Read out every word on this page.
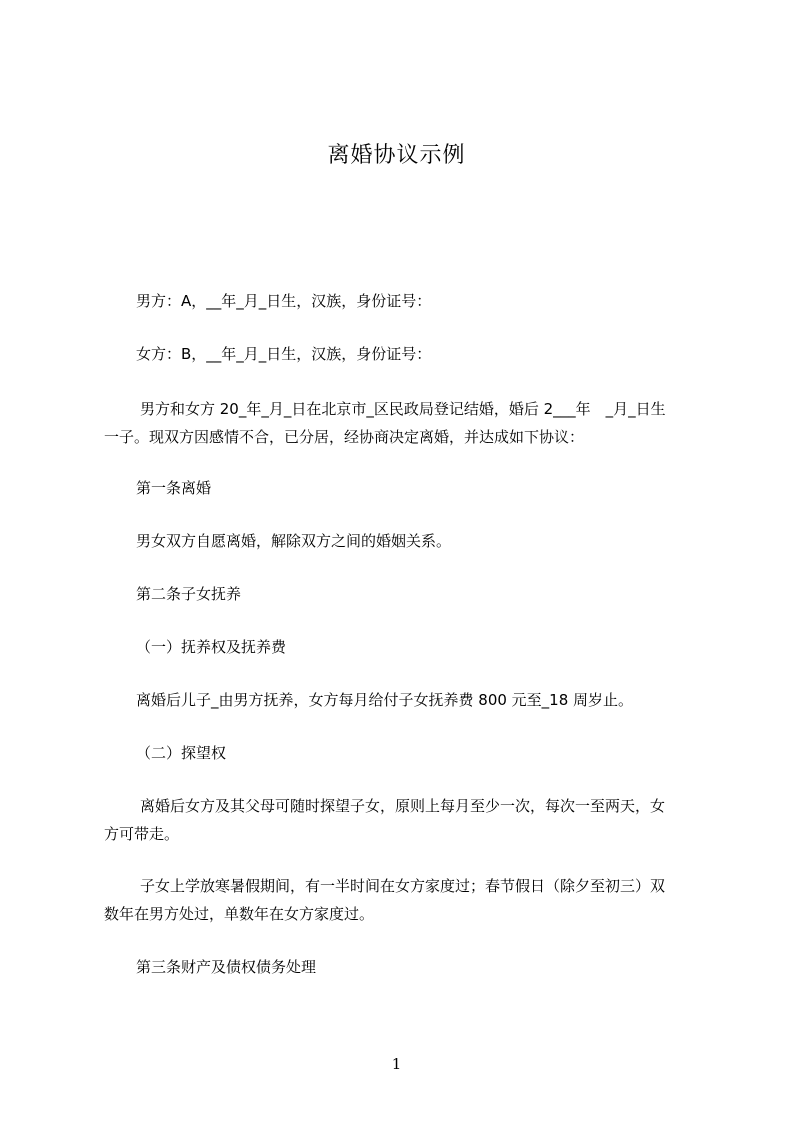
离婚协议示例

男方：A，__年_月_日生，汉族，身份证号：

女方：B，__年_月_日生，汉族，身份证号：

男方和女方 20_年_月_日在北京市_区民政局登记结婚，婚后 2___年　_月_日生
一子。现双方因感情不合，已分居，经协商决定离婚，并达成如下协议：

第一条离婚

男女双方自愿离婚，解除双方之间的婚姻关系。

第二条子女抚养

（一）抚养权及抚养费

离婚后儿子_由男方抚养，女方每月给付子女抚养费 800 元至_18 周岁止。

（二）探望权

离婚后女方及其父母可随时探望子女，原则上每月至少一次，每次一至两天，女
方可带走。

子女上学放寒暑假期间，有一半时间在女方家度过；春节假日（除夕至初三）双
数年在男方处过，单数年在女方家度过。

第三条财产及债权债务处理

1
